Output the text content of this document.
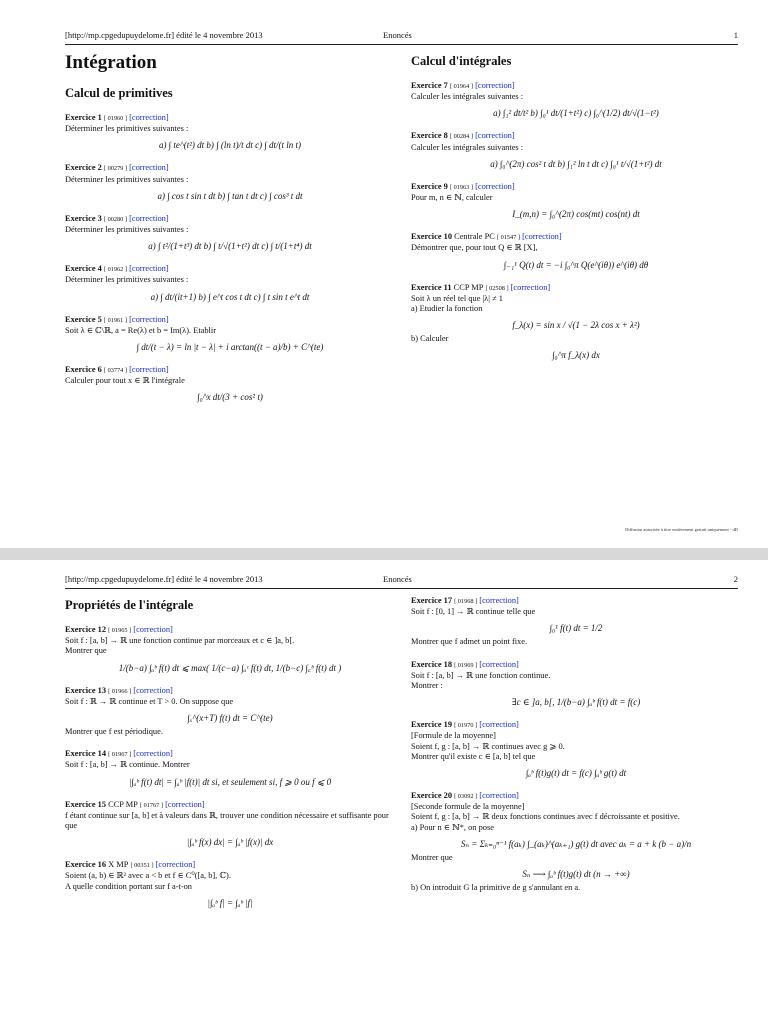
[http://mp.cpgedupuydelome.fr] édité le 4 novembre 2013	Enoncés	1
Intégration
Calcul de primitives
Exercice 1 [ 01960 ] [correction]
Déterminer les primitives suivantes :
a) ∫ te^(t²) dt b) ∫ (ln t)/t dt c) ∫ dt/(t ln t)
Exercice 2 [ 00279 ] [correction]
Déterminer les primitives suivantes :
a) ∫ cos t sin t dt b) ∫ tan t dt c) ∫ cos³ t dt
Exercice 3 [ 00280 ] [correction]
Déterminer les primitives suivantes :
a) ∫ t²/(1+t³) dt b) ∫ t/√(1+t²) dt c) ∫ t/(1+t⁴) dt
Exercice 4 [ 01962 ] [correction]
Déterminer les primitives suivantes :
a) ∫ dt/(it+1) b) ∫ e^t cos t dt c) ∫ t sin t e^t dt
Exercice 5 [ 01961 ] [correction]
Soit λ ∈ ℂ\ℝ, a = Re(λ) et b = Im(λ). Etablir
∫ dt/(t − λ) = ln |t − λ| + i arctan((t − a)/b) + C^(te)
Exercice 6 [ 03774 ] [correction]
Calculer pour tout x ∈ ℝ l'intégrale
∫₀^x dt/(3 + cos² t)
Calcul d'intégrales
Exercice 7 [ 01964 ] [correction]
Calculer les intégrales suivantes :
a) ∫₁² dt/t² b) ∫₀¹ dt/(1+t²) c) ∫₀^(1/2) dt/√(1−t²)
Exercice 8 [ 00284 ] [correction]
Calculer les intégrales suivantes :
a) ∫₀^(2π) cos² t dt b) ∫₁² ln t dt c) ∫₀¹ t/√(1+t²) dt
Exercice 9 [ 01963 ] [correction]
Pour m, n ∈ ℕ, calculer
I_(m,n) = ∫₀^(2π) cos(mt) cos(nt) dt
Exercice 10 Centrale PC [ 01547 ] [correction]
Démontrer que, pour tout Q ∈ ℝ [X],
∫₋₁¹ Q(t) dt = −i ∫₀^π Q(e^(iθ)) e^(iθ) dθ
Exercice 11 CCP MP [ 02508 ] [correction]
Soit λ un réel tel que |λ| ≠ 1
a) Etudier la fonction
f_λ(x) = sin x / √(1 − 2λ cos x + λ²)
b) Calculer
∫₀^π f_λ(x) dx
Diffusion autorisée à titre entièrement gratuit uniquement - dD
[http://mp.cpgedupuydelome.fr] édité le 4 novembre 2013	Enoncés	2
Propriétés de l'intégrale
Exercice 12 [ 01965 ] [correction]
Soit f : [a, b] → ℝ une fonction continue par morceaux et c ∈ ]a, b[.
Montrer que
1/(b−a) ∫ₐᵇ f(t) dt ⩽ max( 1/(c−a) ∫ₐᶜ f(t) dt, 1/(b−c) ∫꜀ᵇ f(t) dt )
Exercice 13 [ 01966 ] [correction]
Soit f : ℝ → ℝ continue et T > 0. On suppose que
∫ₓ^(x+T) f(t) dt = C^(te)
Montrer que f est périodique.
Exercice 14 [ 01967 ] [correction]
Soit f : [a, b] → ℝ continue. Montrer
|∫ₐᵇ f(t) dt| = ∫ₐᵇ |f(t)| dt si, et seulement si, f ⩾ 0 ou f ⩽ 0
Exercice 15 CCP MP [ 01767 ] [correction]
f étant continue sur [a, b] et à valeurs dans ℝ, trouver une condition nécessaire et suffisante pour que
|∫ₐᵇ f(x) dx| = ∫ₐᵇ |f(x)| dx
Exercice 16 X MP [ 00351 ] [correction]
Soient (a, b) ∈ ℝ² avec a < b et f ∈ C⁰([a, b], ℂ).
A quelle condition portant sur f a-t-on
|∫ₐᵇ f| = ∫ₐᵇ |f|
Exercice 17 [ 01968 ] [correction]
Soit f : [0, 1] → ℝ continue telle que
∫₀¹ f(t) dt = 1/2
Montrer que f admet un point fixe.
Exercice 18 [ 01969 ] [correction]
Soit f : [a, b] → ℝ une fonction continue.
Montrer :
∃c ∈ ]a, b[, 1/(b−a) ∫ₐᵇ f(t) dt = f(c)
Exercice 19 [ 01970 ] [correction]
[Formule de la moyenne]
Soient f, g : [a, b] → ℝ continues avec g ⩾ 0.
Montrer qu'il existe c ∈ [a, b] tel que
∫ₐᵇ f(t)g(t) dt = f(c) ∫ₐᵇ g(t) dt
Exercice 20 [ 03092 ] [correction]
[Seconde formule de la moyenne]
Soient f, g : [a, b] → ℝ deux fonctions continues avec f décroissante et positive.
a) Pour n ∈ ℕ*, on pose
Sₙ = Σₖ₌₀ⁿ⁻¹ f(aₖ) ∫_(aₖ)^(aₖ₊₁) g(t) dt avec aₖ = a + k (b − a)/n
Montrer que
Sₙ ⟶ ∫ₐᵇ f(t)g(t) dt (n → +∞)
b) On introduit G la primitive de g s'annulant en a.
